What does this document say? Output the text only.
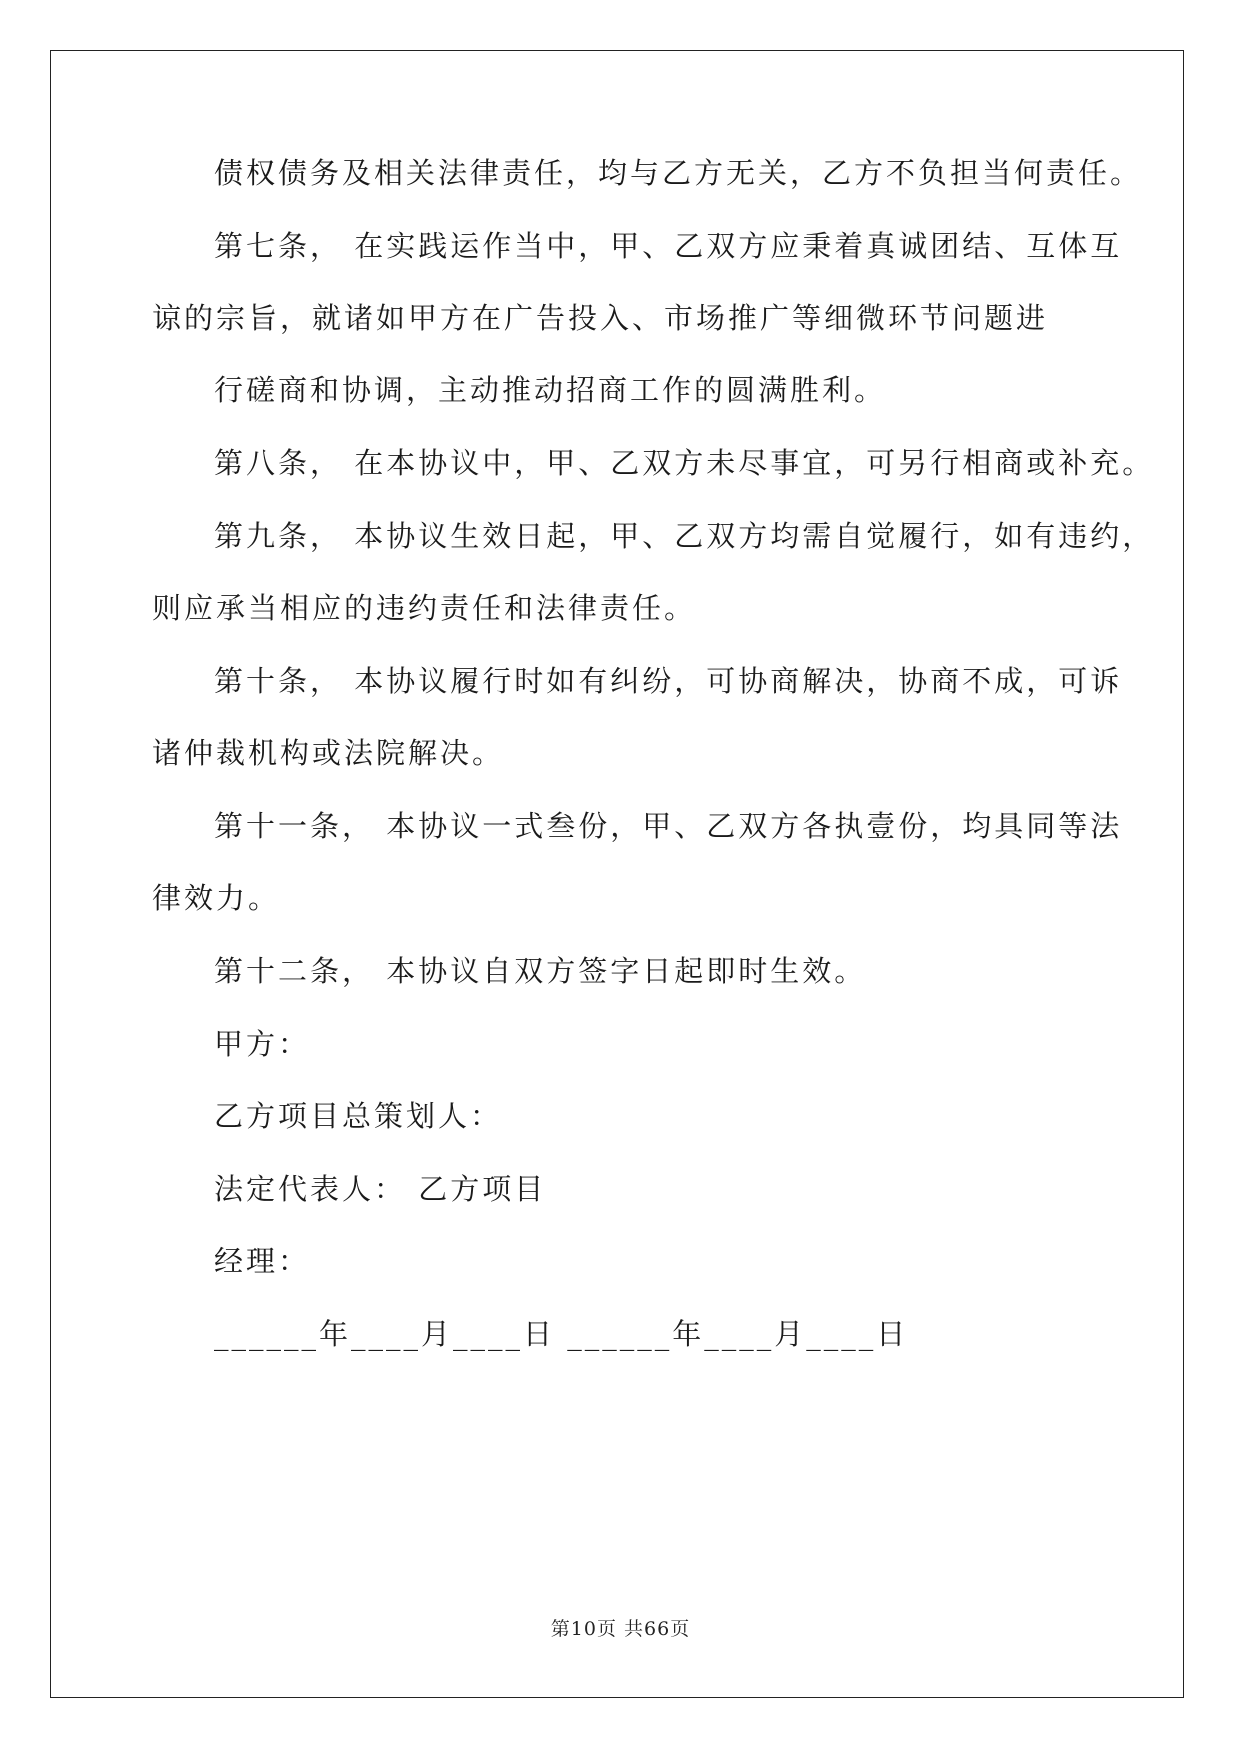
债权债务及相关法律责任，均与乙方无关，乙方不负担当何责任。
第七条， 在实践运作当中，甲、乙双方应秉着真诚团结、互体互
谅的宗旨，就诸如甲方在广告投入、市场推广等细微环节问题进
行磋商和协调，主动推动招商工作的圆满胜利。
第八条， 在本协议中，甲、乙双方未尽事宜，可另行相商或补充。
第九条， 本协议生效日起，甲、乙双方均需自觉履行，如有违约，
则应承当相应的违约责任和法律责任。
第十条， 本协议履行时如有纠纷，可协商解决，协商不成，可诉
诸仲裁机构或法院解决。
第十一条， 本协议一式叁份，甲、乙双方各执壹份，均具同等法
律效力。
第十二条， 本协议自双方签字日起即时生效。
甲方：
乙方项目总策划人：
法定代表人： 乙方项目
经理：
______年____月____日 ______年____月____日
第10页 共66页
